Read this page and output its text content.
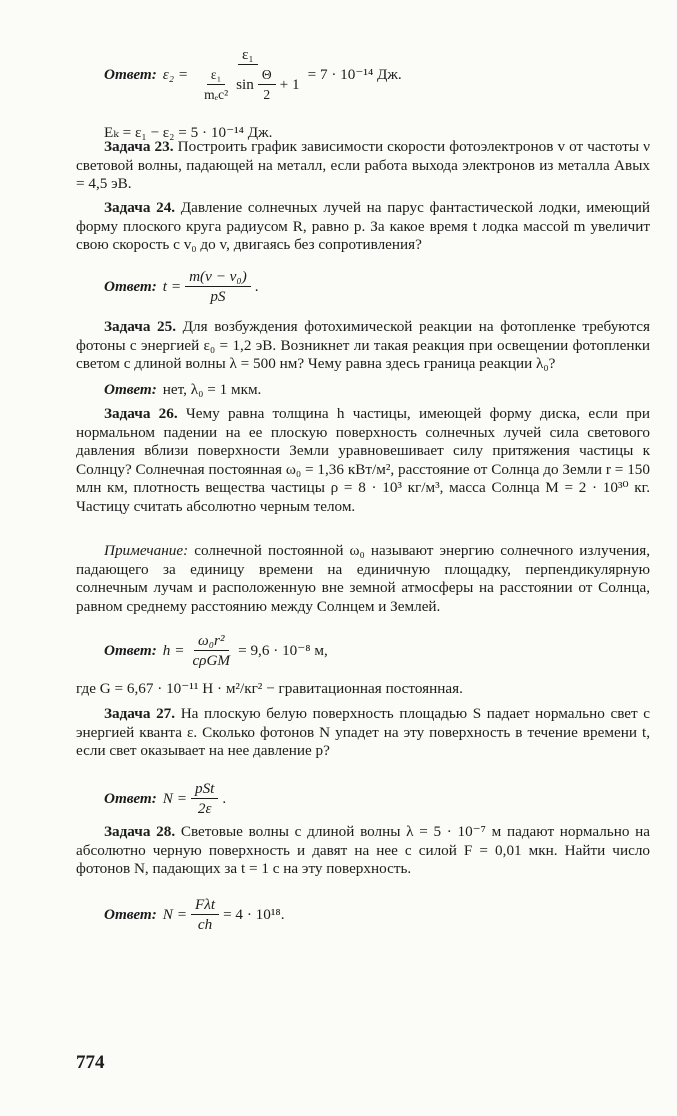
Ответ: ε₂ =
ε₁
$\frac{\text{ε₁}}{\text{mₑc²}}$ $\sin \frac{\Theta}{2} + 1$
= 7 · 10⁻¹⁴ Дж.
Eₖ = ε₁ − ε₂ = 5 · 10⁻¹⁴ Дж.
Задача 23. Построить график зависимости скорости фотоэлектронов v от частоты ν световой волны, падающей на металл, если работа выхода электронов из металла Aвых = 4,5 эВ.
Задача 24. Давление солнечных лучей на парус фантастической лодки, имеющий форму плоского круга радиусом R, равно p. За какое время t лодка массой m увеличит свою скорость с v₀ до v, двигаясь без сопротивления?
Ответ: $t = \frac{\text{m(v − v₀)}}{pS}$ .
Задача 25. Для возбуждения фотохимической реакции на фотопленке требуются фотоны с энергией ε₀ = 1,2 эВ. Возникнет ли такая реакция при освещении фотопленки светом с длиной волны λ = 500 нм? Чему равна здесь граница реакции λ₀?
Ответ: нет, λ₀ = 1 мкм.
Задача 26. Чему равна толщина h частицы, имеющей форму диска, если при нормальном падении на ее плоскую поверхность солнечных лучей сила светового давления вблизи поверхности Земли уравновешивает силу притяжения частицы к Солнцу? Солнечная постоянная ω₀ = 1,36 кВт/м², расстояние от Солнца до Земли r = 150 млн км, плотность вещества частицы ρ = 8 · 10³ кг/м³, масса Солнца M = 2 · 10³⁰ кг. Частицу считать абсолютно черным телом.
Примечание: солнечной постоянной ω₀ называют энергию солнечного излучения, падающего за единицу времени на единичную площадку, перпендикулярную солнечным лучам и расположенную вне земной атмосферы на расстоянии от Солнца, равном среднему расстоянию между Солнцем и Землей.
Ответ: $h = \frac{\text{ω₀r²}}{\text{cρGM}} = 9,6 \cdot 10^{-8}$ м,
где G = 6,67 · 10⁻¹¹ H · м²/кг² − гравитационная постоянная.
Задача 27. На плоскую белую поверхность площадью S падает нормально свет с энергией кванта ε. Сколько фотонов N упадет на эту поверхность в течение времени t, если свет оказывает на нее давление p?
Ответ: $N = \frac{\text{pSt}}{2\varepsilon}$ .
Задача 28. Световые волны с длиной волны λ = 5 · 10⁻⁷ м падают нормально на абсолютно черную поверхность и давят на нее с силой F = 0,01 мкн. Найти число фотонов N, падающих за t = 1 с на эту поверхность.
Ответ: $N = \frac{\text{Fλt}}{ch} = 4 \cdot 10^{18}$.
774
